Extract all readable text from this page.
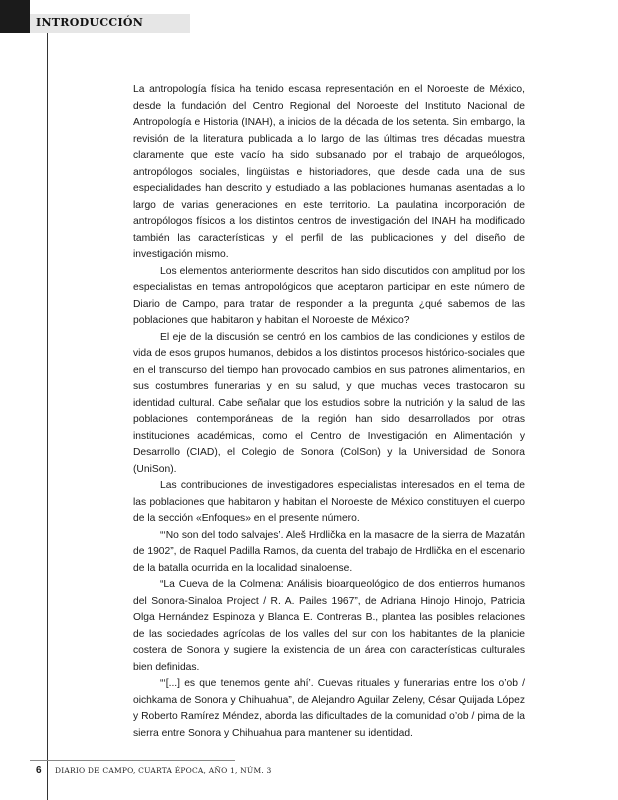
INTRODUCCIÓN

La antropología física ha tenido escasa representación en el Noroeste de México, desde la fundación del Centro Regional del Noroeste del Instituto Nacional de Antropología e Historia (INAH), a inicios de la década de los setenta. Sin embargo, la revisión de la literatura publicada a lo largo de las últimas tres décadas muestra claramente que este vacío ha sido subsanado por el trabajo de arqueólogos, antropólogos sociales, lingüistas e historiadores, que desde cada una de sus especialidades han descrito y estudiado a las poblaciones humanas asentadas a lo largo de varias generaciones en este territorio. La paulatina incorporación de antropólogos físicos a los distintos centros de investigación del INAH ha modificado también las características y el perfil de las publicaciones y del diseño de investigación mismo.

Los elementos anteriormente descritos han sido discutidos con amplitud por los especialistas en temas antropológicos que aceptaron participar en este número de Diario de Campo, para tratar de responder a la pregunta ¿qué sabemos de las poblaciones que habitaron y habitan el Noroeste de México?

El eje de la discusión se centró en los cambios de las condiciones y estilos de vida de esos grupos humanos, debidos a los distintos procesos histórico-sociales que en el transcurso del tiempo han provocado cambios en sus patrones alimentarios, en sus costumbres funerarias y en su salud, y que muchas veces trastocaron su identidad cultural. Cabe señalar que los estudios sobre la nutrición y la salud de las poblaciones contemporáneas de la región han sido desarrollados por otras instituciones académicas, como el Centro de Investigación en Alimentación y Desarrollo (CIAD), el Colegio de Sonora (ColSon) y la Universidad de Sonora (UniSon).

Las contribuciones de investigadores especialistas interesados en el tema de las poblaciones que habitaron y habitan el Noroeste de México constituyen el cuerpo de la sección «Enfoques» en el presente número.

“‘No son del todo salvajes’. Aleš Hrdlička en la masacre de la sierra de Mazatán de 1902”, de Raquel Padilla Ramos, da cuenta del trabajo de Hrdlička en el escenario de la batalla ocurrida en la localidad sinaloense.

“La Cueva de la Colmena: Análisis bioarqueológico de dos entierros humanos del Sonora-Sinaloa Project / R. A. Pailes 1967”, de Adriana Hinojo Hinojo, Patricia Olga Hernández Espinoza y Blanca E. Contreras B., plantea las posibles relaciones de las sociedades agrícolas de los valles del sur con los habitantes de la planicie costera de Sonora y sugiere la existencia de un área con características culturales bien definidas.

“‘[...] es que tenemos gente ahí’. Cuevas rituales y funerarias entre los o’ob / oichkama de Sonora y Chihuahua”, de Alejandro Aguilar Zeleny, César Quijada López y Roberto Ramírez Méndez, aborda las dificultades de la comunidad o’ob / pima de la sierra entre Sonora y Chihuahua para mantener su identidad.

6 DIARIO DE CAMPO, CUARTA ÉPOCA, AÑO 1, NÚM. 3
